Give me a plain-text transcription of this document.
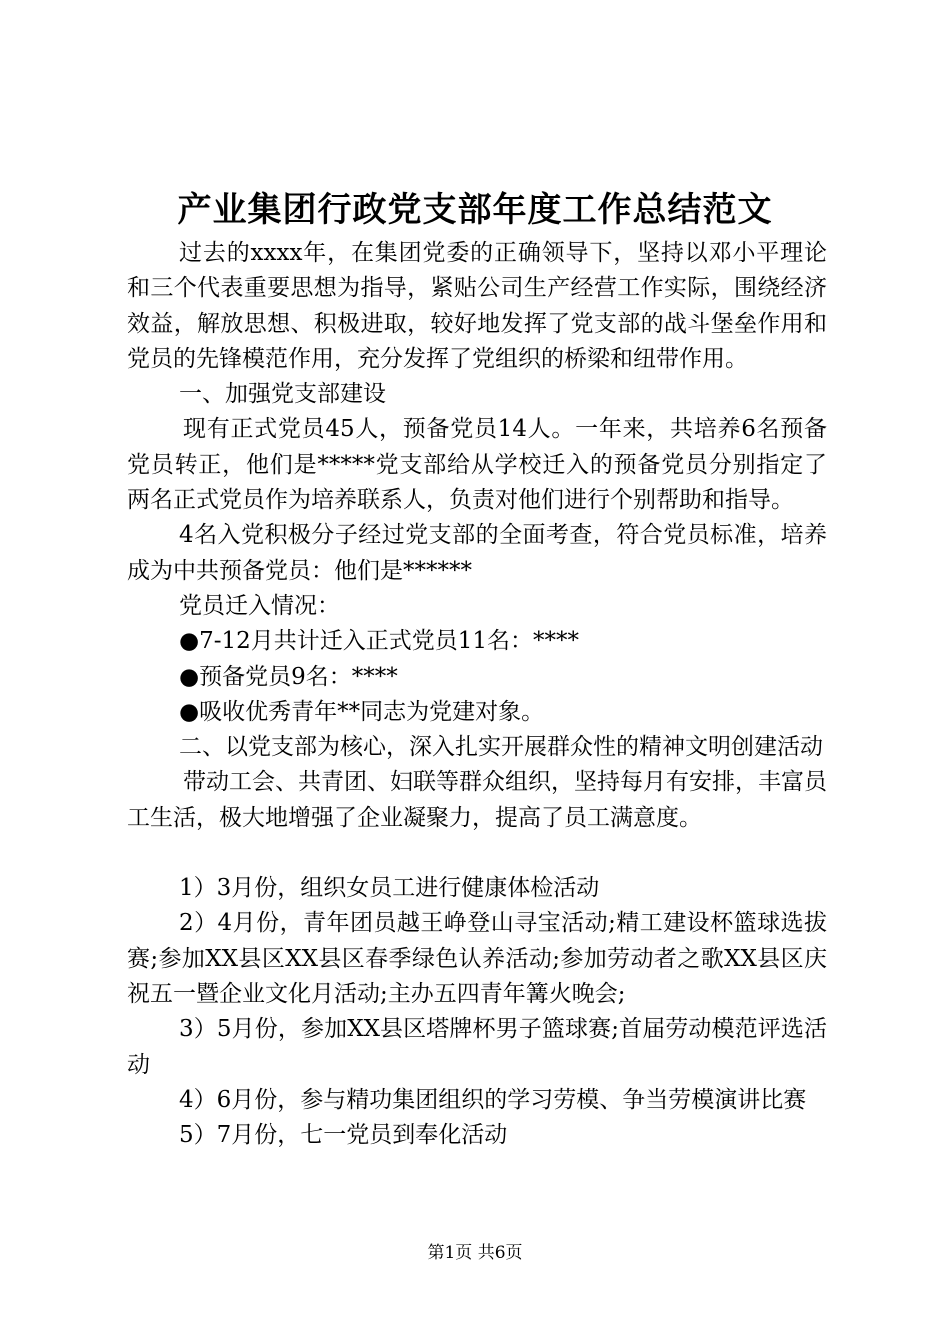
产业集团行政党支部年度工作总结范文

过去的xxxx年，在集团党委的正确领导下，坚持以邓小平理论和三个代表重要思想为指导，紧贴公司生产经营工作实际，围绕经济效益，解放思想、积极进取，较好地发挥了党支部的战斗堡垒作用和党员的先锋模范作用，充分发挥了党组织的桥梁和纽带作用。

一、加强党支部建设

现有正式党员45人，预备党员14人。一年来，共培养6名预备党员转正，他们是*****党支部给从学校迁入的预备党员分别指定了两名正式党员作为培养联系人，负责对他们进行个别帮助和指导。

4名入党积极分子经过党支部的全面考查，符合党员标准，培养成为中共预备党员：他们是******

党员迁入情况：

●7-12月共计迁入正式党员11名：****

●预备党员9名：****

●吸收优秀青年**同志为党建对象。

二、以党支部为核心，深入扎实开展群众性的精神文明创建活动

带动工会、共青团、妇联等群众组织，坚持每月有安排，丰富员工生活，极大地增强了企业凝聚力，提高了员工满意度。

1）3月份，组织女员工进行健康体检活动

2）4月份，青年团员越王峥登山寻宝活动;精工建设杯篮球选拔赛;参加XX县区XX县区春季绿色认养活动;参加劳动者之歌XX县区庆祝五一暨企业文化月活动;主办五四青年篝火晚会;

3）5月份，参加XX县区塔牌杯男子篮球赛;首届劳动模范评选活动

4）6月份，参与精功集团组织的学习劳模、争当劳模演讲比赛

5）7月份，七一党员到奉化活动

第1页 共6页
